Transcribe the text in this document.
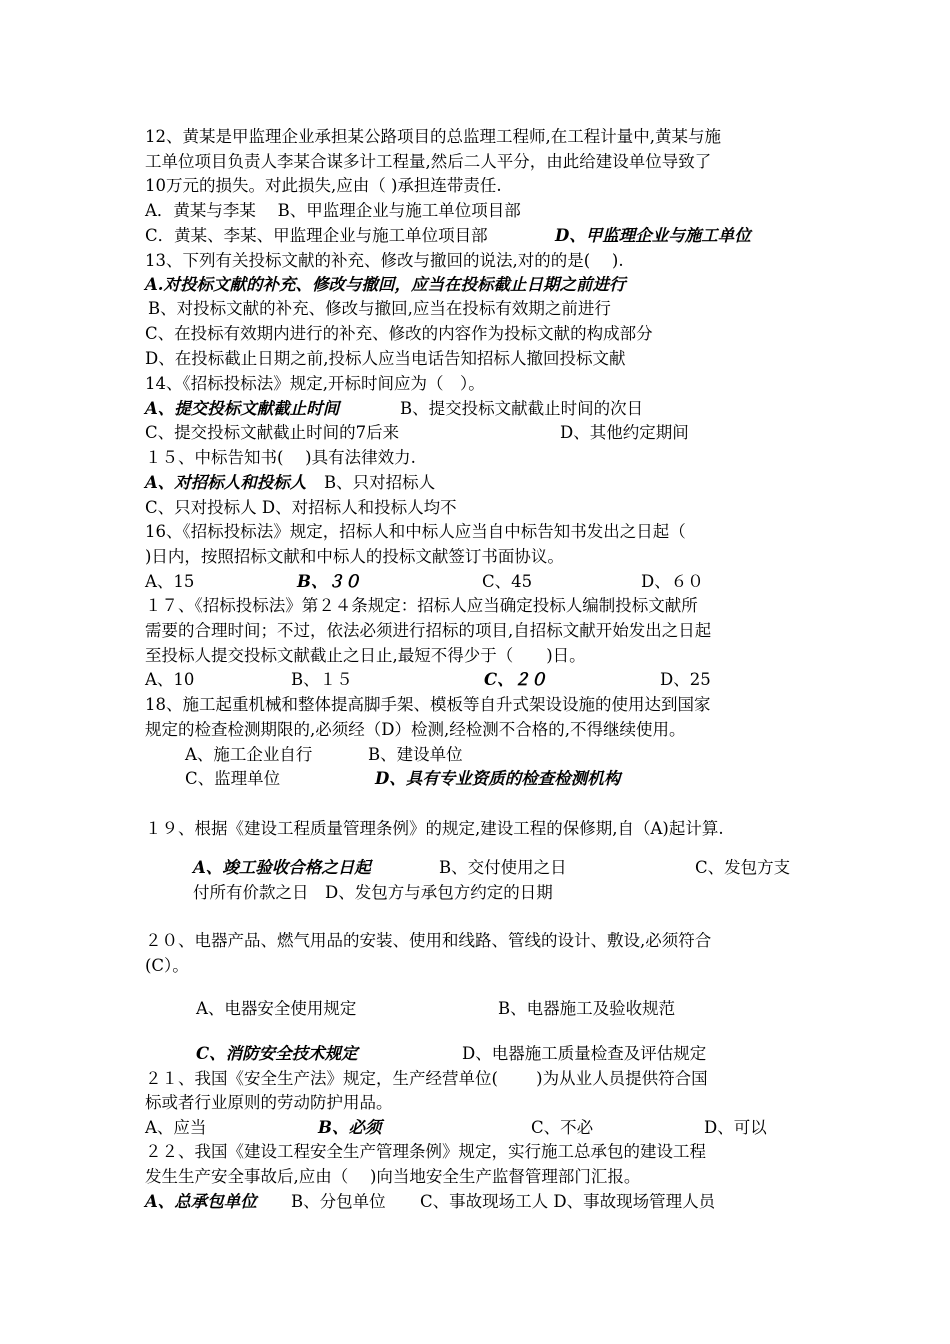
12、黄某是甲监理企业承担某公路项目的总监理工程师,在工程计量中,黄某与施
工单位项目负责人李某合谋多计工程量,然后二人平分，由此给建设单位导致了
10万元的损失。对此损失,应由（ )承担连带责任.
A．黄某与李某　 B、甲监理企业与施工单位项目部
C．黄某、李某、甲监理企业与施工单位项目部	D、甲监理企业与施工单位
13、下列有关投标文献的补充、修改与撤回的说法,对的的是(　 ).
A.对投标文献的补充、修改与撤回，应当在投标截止日期之前进行
B、对投标文献的补充、修改与撤回,应当在投标有效期之前进行
C、在投标有效期内进行的补充、修改的内容作为投标文献的构成部分
D、在投标截止日期之前,投标人应当电话告知招标人撤回投标文献
14、《招标投标法》规定,开标时间应为（　）。
A、提交投标文献截止时间	B、提交投标文献截止时间的次日
C、提交投标文献截止时间的7后来	D、其他约定期间
１５、中标告知书(　 )具有法律效力.
A、对招标人和投标人 B、只对招标人
C、只对投标人 D、对招标人和投标人均不
16、《招标投标法》规定，招标人和中标人应当自中标告知书发出之日起（
)日内，按照招标文献和中标人的投标文献签订书面协议。
A、15	B、３０	C、45	D、６０
１７、《招标投标法》第２４条规定：招标人应当确定投标人编制投标文献所
需要的合理时间；不过，依法必须进行招标的项目,自招标文献开始发出之日起
至投标人提交投标文献截止之日止,最短不得少于（　　)日。
A、10	B、１５	C、２０	D、25
18、施工起重机械和整体提高脚手架、模板等自升式架设设施的使用达到国家
规定的检查检测期限的,必须经（D）检测,经检测不合格的,不得继续使用。
A、施工企业自行	B、建设单位
C、监理单位	D、具有专业资质的检查检测机构
１９、根据《建设工程质量管理条例》的规定,建设工程的保修期,自（A)起计算.
A、竣工验收合格之日起	B、交付使用之日	C、发包方支
付所有价款之日　D、发包方与承包方约定的日期
２０、电器产品、燃气用品的安装、使用和线路、管线的设计、敷设,必须符合
(C）。
A、电器安全使用规定	B、电器施工及验收规范
C、消防安全技术规定	D、电器施工质量检查及评估规定
２１、我国《安全生产法》规定，生产经营单位(　　 )为从业人员提供符合国
标或者行业原则的劳动防护用品。
A、应当	B、必须	C、不必	D、可以
２２、我国《建设工程安全生产管理条例》规定，实行施工总承包的建设工程
发生生产安全事故后,应由（　 )向当地安全生产监督管理部门汇报。
A、总承包单位 B、分包单位 C、事故现场工人 D、事故现场管理人员
